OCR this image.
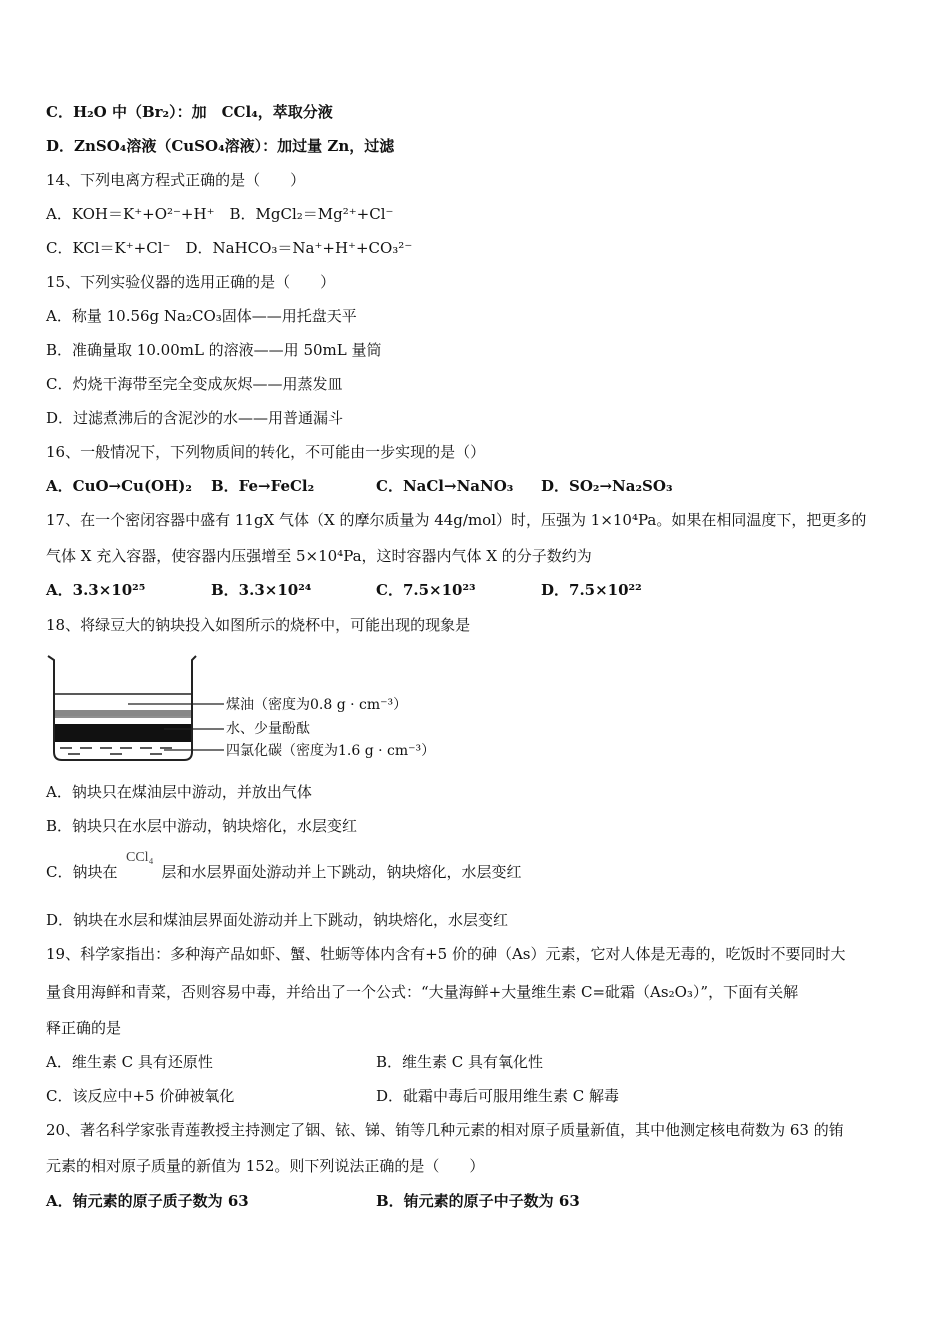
C．H₂O 中（Br₂）：加　CCl₄，萃取分液
D．ZnSO₄溶液（CuSO₄溶液）：加过量 Zn，过滤
14、下列电离方程式正确的是（　　）
A．KOH＝K⁺+O²⁻+H⁺　B．MgCl₂＝Mg²⁺+Cl⁻
C．KCl＝K⁺+Cl⁻　D．NaHCO₃＝Na⁺+H⁺+CO₃²⁻
15、下列实验仪器的选用正确的是（　　）
A．称量 10.56g Na₂CO₃固体——用托盘天平
B．准确量取 10.00mL 的溶液——用 50mL 量筒
C．灼烧干海带至完全变成灰烬——用蒸发皿
D．过滤煮沸后的含泥沙的水——用普通漏斗
16、一般情况下，下列物质间的转化，不可能由一步实现的是（）
A．CuO→Cu(OH)₂ B．Fe→FeCl₂	C．NaCl→NaNO₃ D．SO₂→Na₂SO₃
17、在一个密闭容器中盛有 11gX 气体（X 的摩尔质量为 44g/mol）时，压强为 1×10⁴Pa。如果在相同温度下，把更多的
气体 X 充入容器，使容器内压强增至 5×10⁴Pa，这时容器内气体 X 的分子数约为
A．3.3×10²⁵	B．3.3×10²⁴	C．7.5×10²³	D．7.5×10²²
18、将绿豆大的钠块投入如图所示的烧杯中，可能出现的现象是
煤油（密度为0.8 g · cm⁻³）
水、少量酚酞
四氯化碳（密度为1.6 g · cm⁻³）
A．钠块只在煤油层中游动，并放出气体
B．钠块只在水层中游动，钠块熔化，水层变红
C．钠块在	层和水层界面处游动并上下跳动，钠块熔化，水层变红
CCl₄
D．钠块在水层和煤油层界面处游动并上下跳动，钠块熔化，水层变红
19、科学家指出：多种海产品如虾、蟹、牡蛎等体内含有+5 价的砷（As）元素，它对人体是无毒的，吃饭时不要同时大
量食用海鲜和青菜，否则容易中毒，并给出了一个公式：“大量海鲜+大量维生素 C=砒霜（As₂O₃）”，下面有关解
释正确的是
A．维生素 C 具有还原性	B．维生素 C 具有氧化性
C．该反应中+5 价砷被氧化	D．砒霜中毒后可服用维生素 C 解毒
20、著名科学家张青莲教授主持测定了铟、铱、锑、铕等几种元素的相对原子质量新值，其中他测定核电荷数为 63 的铕
元素的相对原子质量的新值为 152。则下列说法正确的是（　　）
A．铕元素的原子质子数为 63	B．铕元素的原子中子数为 63
